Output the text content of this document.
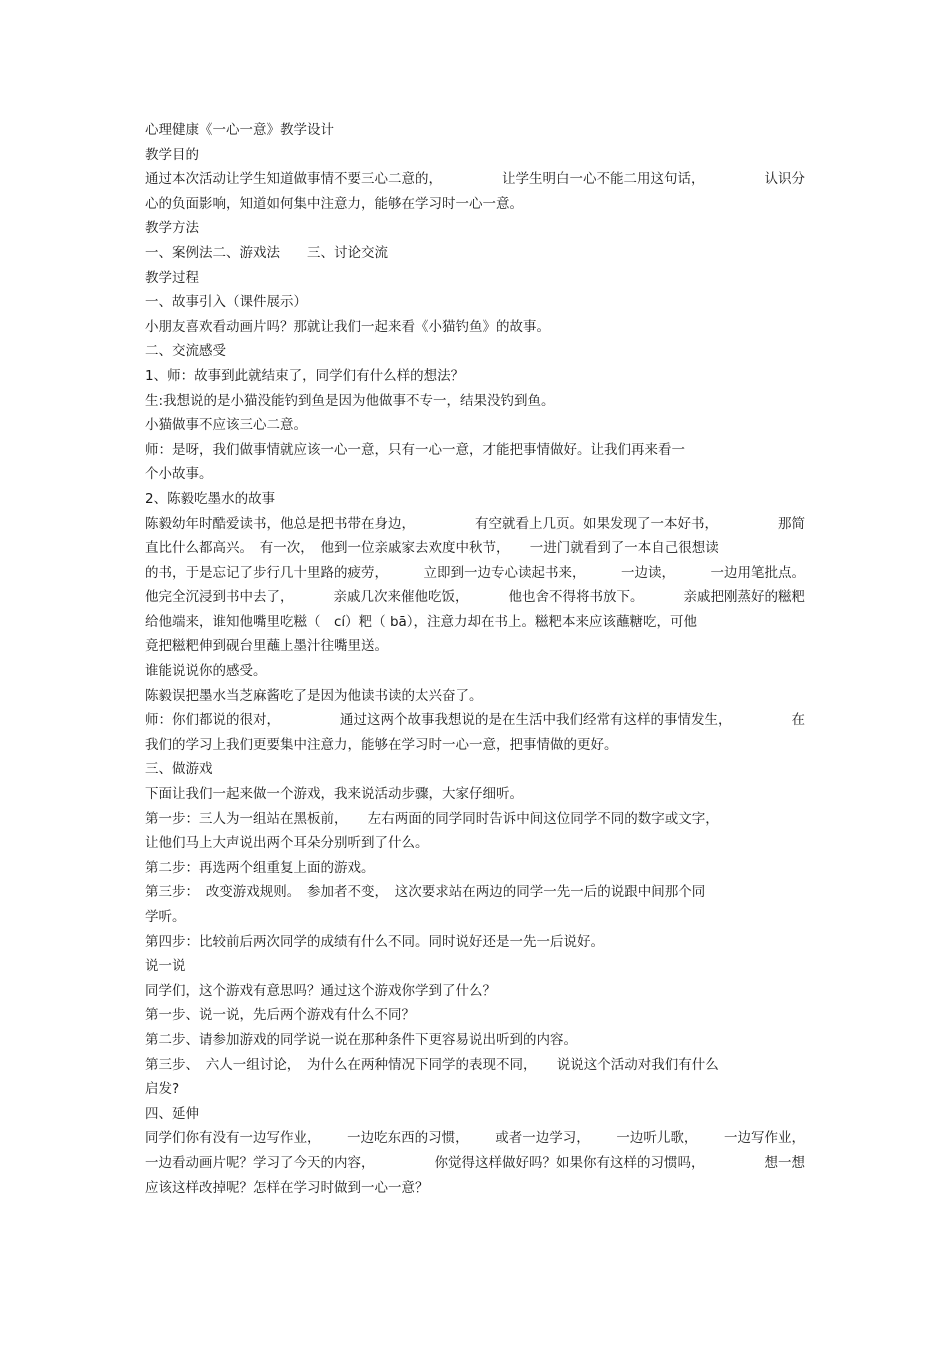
心理健康《一心一意》教学设计
教学目的
通过本次活动让学生知道做事情不要三心二意的，	让学生明白一心不能二用这句话，	认识分
心的负面影响，知道如何集中注意力，能够在学习时一心一意。
教学方法
一、案例法二、游戏法　　三、讨论交流
教学过程
一、故事引入（课件展示）
小朋友喜欢看动画片吗？那就让我们一起来看《小猫钓鱼》的故事。
二、交流感受
1、师：故事到此就结束了，同学们有什么样的想法？
生:我想说的是小猫没能钓到鱼是因为他做事不专一，结果没钓到鱼。
小猫做事不应该三心二意。
师：是呀，我们做事情就应该一心一意，只有一心一意，才能把事情做好。让我们再来看一
个小故事。
2、陈毅吃墨水的故事
陈毅幼年时酷爱读书，他总是把书带在身边，	有空就看上几页。如果发现了一本好书，	那简
直比什么都高兴。　有一次，　他到一位亲戚家去欢度中秋节，　　一进门就看到了一本自己很想读
的书，于是忘记了步行几十里路的疲劳，	立即到一边专心读起书来，	一边读，	一边用笔批点。
他完全沉浸到书中去了，	亲戚几次来催他吃饭，	他也舍不得将书放下。	亲戚把刚蒸好的糍粑
给他端来，谁知他嘴里吃糍（　cí）粑（ bā），注意力却在书上。糍粑本来应该蘸糖吃，可他
竟把糍粑伸到砚台里蘸上墨汁往嘴里送。
谁能说说你的感受。
陈毅误把墨水当芝麻酱吃了是因为他读书读的太兴奋了。
师：你们都说的很对，	通过这两个故事我想说的是在生活中我们经常有这样的事情发生，	在
我们的学习上我们更要集中注意力，能够在学习时一心一意，把事情做的更好。
三、做游戏
下面让我们一起来做一个游戏，我来说活动步骤，大家仔细听。
第一步：三人为一组站在黑板前，　　左右两面的同学同时告诉中间这位同学不同的数字或文字，
让他们马上大声说出两个耳朵分别听到了什么。
第二步：再选两个组重复上面的游戏。
第三步：　改变游戏规则。　参加者不变，　这次要求站在两边的同学一先一后的说跟中间那个同
学听。
第四步：比较前后两次同学的成绩有什么不同。同时说好还是一先一后说好。
说一说
同学们，这个游戏有意思吗？通过这个游戏你学到了什么？
第一步、说一说，先后两个游戏有什么不同？
第二步、请参加游戏的同学说一说在那种条件下更容易说出听到的内容。
第三步、　六人一组讨论，　为什么在两种情况下同学的表现不同，　　说说这个活动对我们有什么
启发?
四、延伸
同学们你有没有一边写作业， 一边吃东西的习惯， 或者一边学习， 一边听儿歌， 一边写作业，
一边看动画片呢？学习了今天的内容，	你觉得这样做好吗？如果你有这样的习惯吗，	想一想
应该这样改掉呢？怎样在学习时做到一心一意？
